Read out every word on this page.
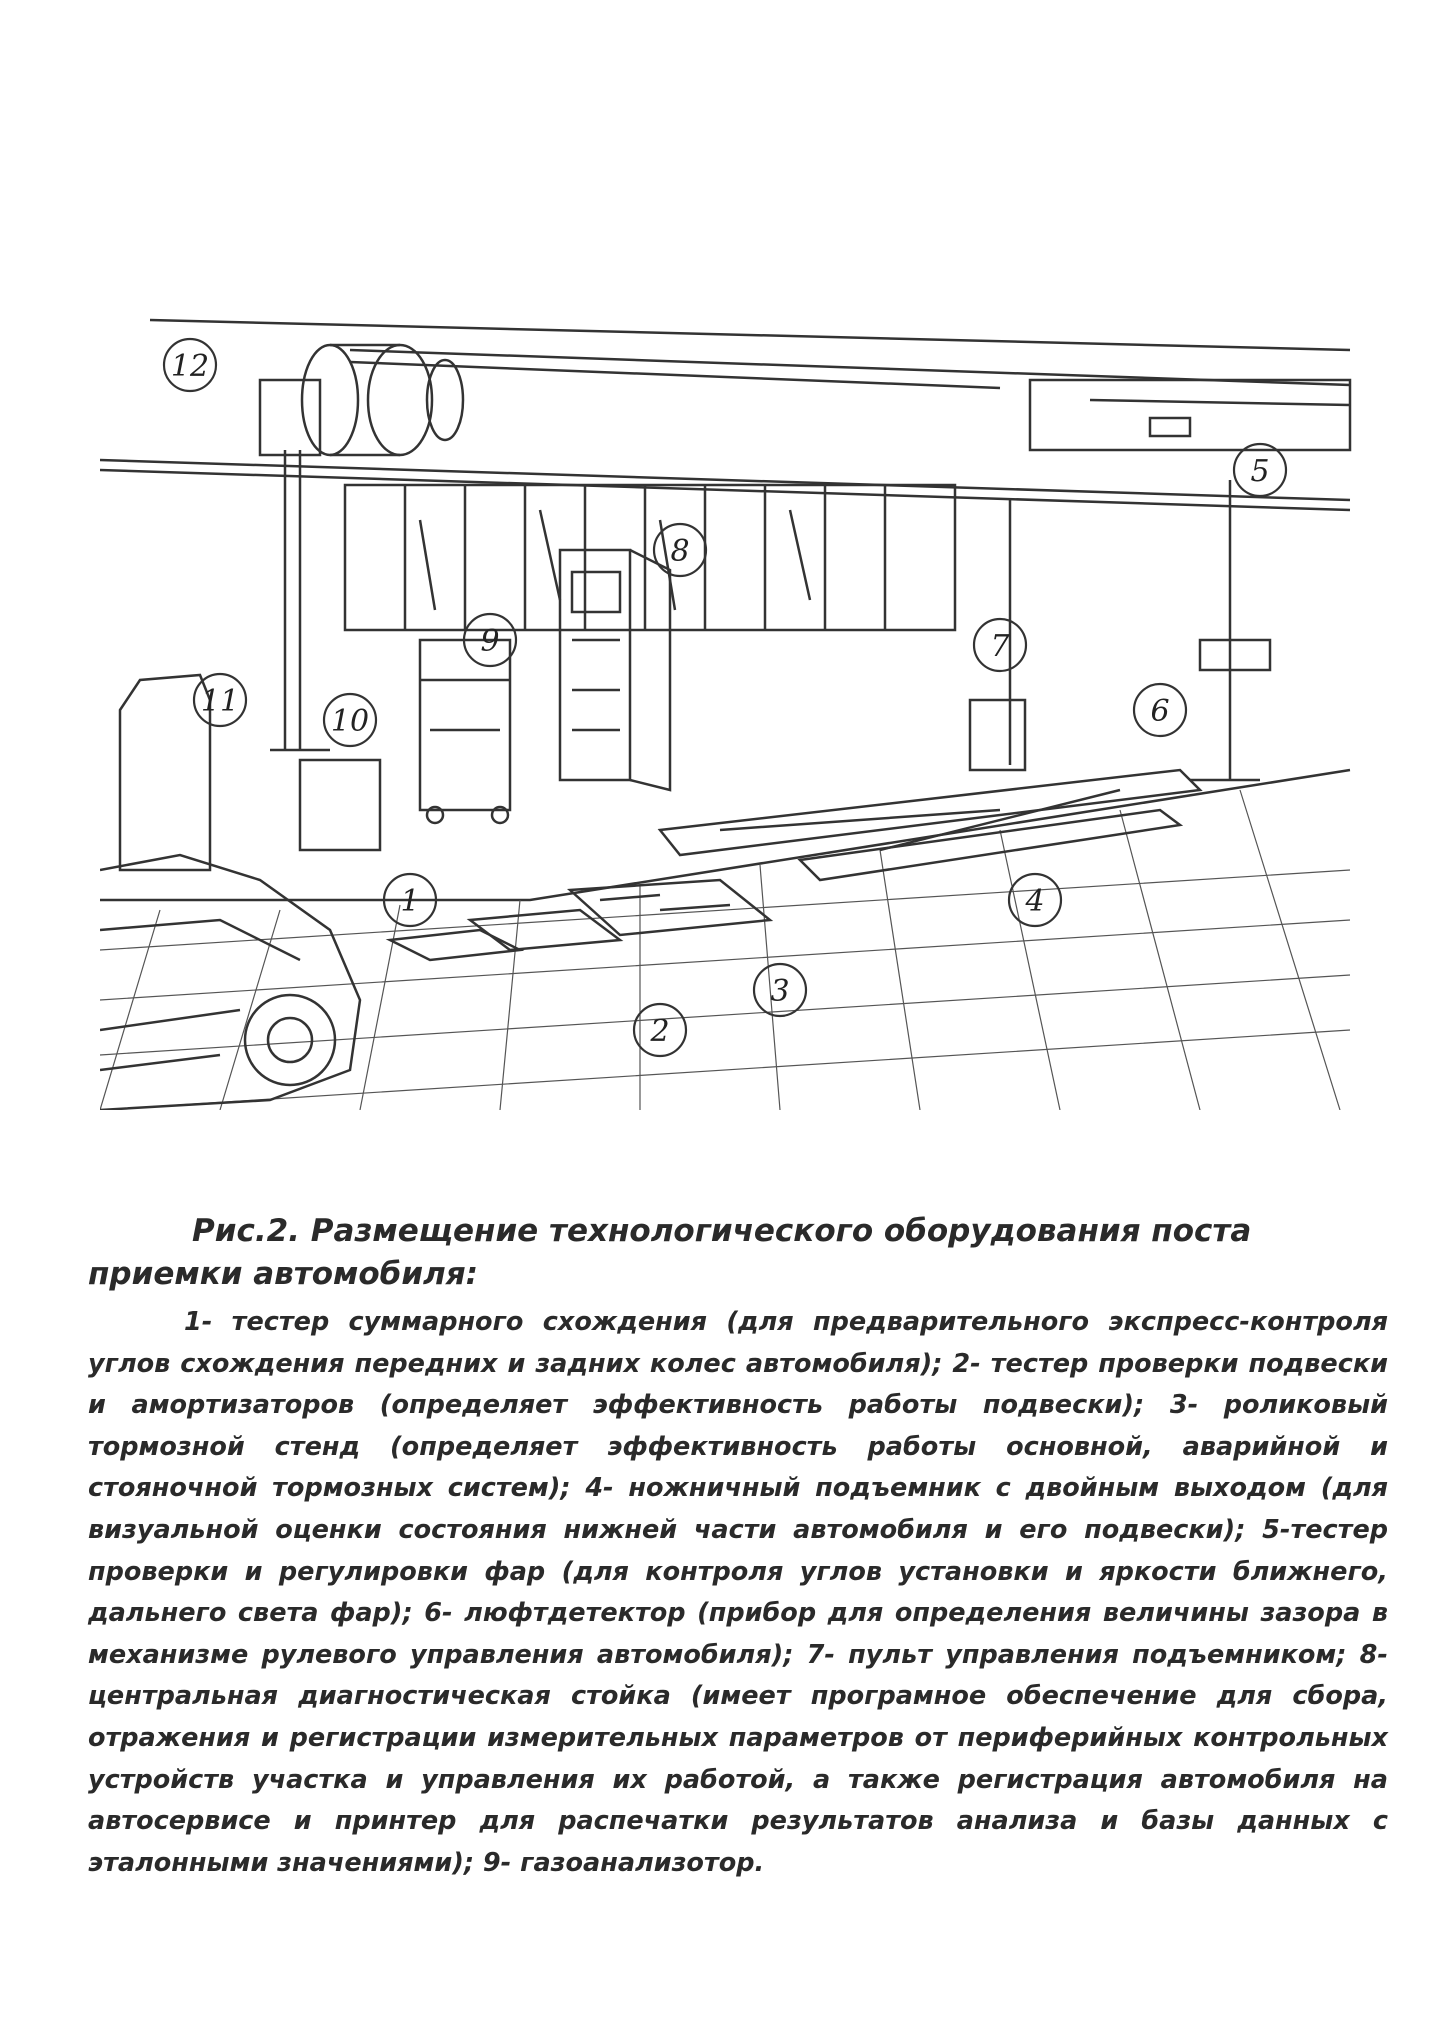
12
11
10
9
8
7
5
6
4
3
2
1
Рис.2. Размещение технологического оборудования поста приемки автомобиля:
1- тестер суммарного схождения (для предварительного экспресс-контроля углов схождения передних и задних колес автомобиля); 2- тестер проверки подвески и амортизаторов (определяет эффективность работы подвески); 3- роликовый тормозной стенд (определяет эффективность работы основной, аварийной и стояночной тормозных систем); 4- ножничный подъемник с двойным выходом (для визуальной оценки состояния нижней части автомобиля и его подвески); 5-тестер проверки и регулировки фар (для контроля углов установки и яркости ближнего, дальнего света фар); 6- люфтдетектор (прибор для определения величины зазора в механизме рулевого управления автомобиля); 7- пульт управления подъемником; 8- центральная диагностическая стойка (имеет програмное обеспечение для сбора, отражения и регистрации измерительных параметров от периферийных контрольных устройств участка и управления их работой, а также регистрация автомобиля на автосервисе и принтер для распечатки результатов анализа и базы данных с эталонными значениями); 9- газоанализотор.
